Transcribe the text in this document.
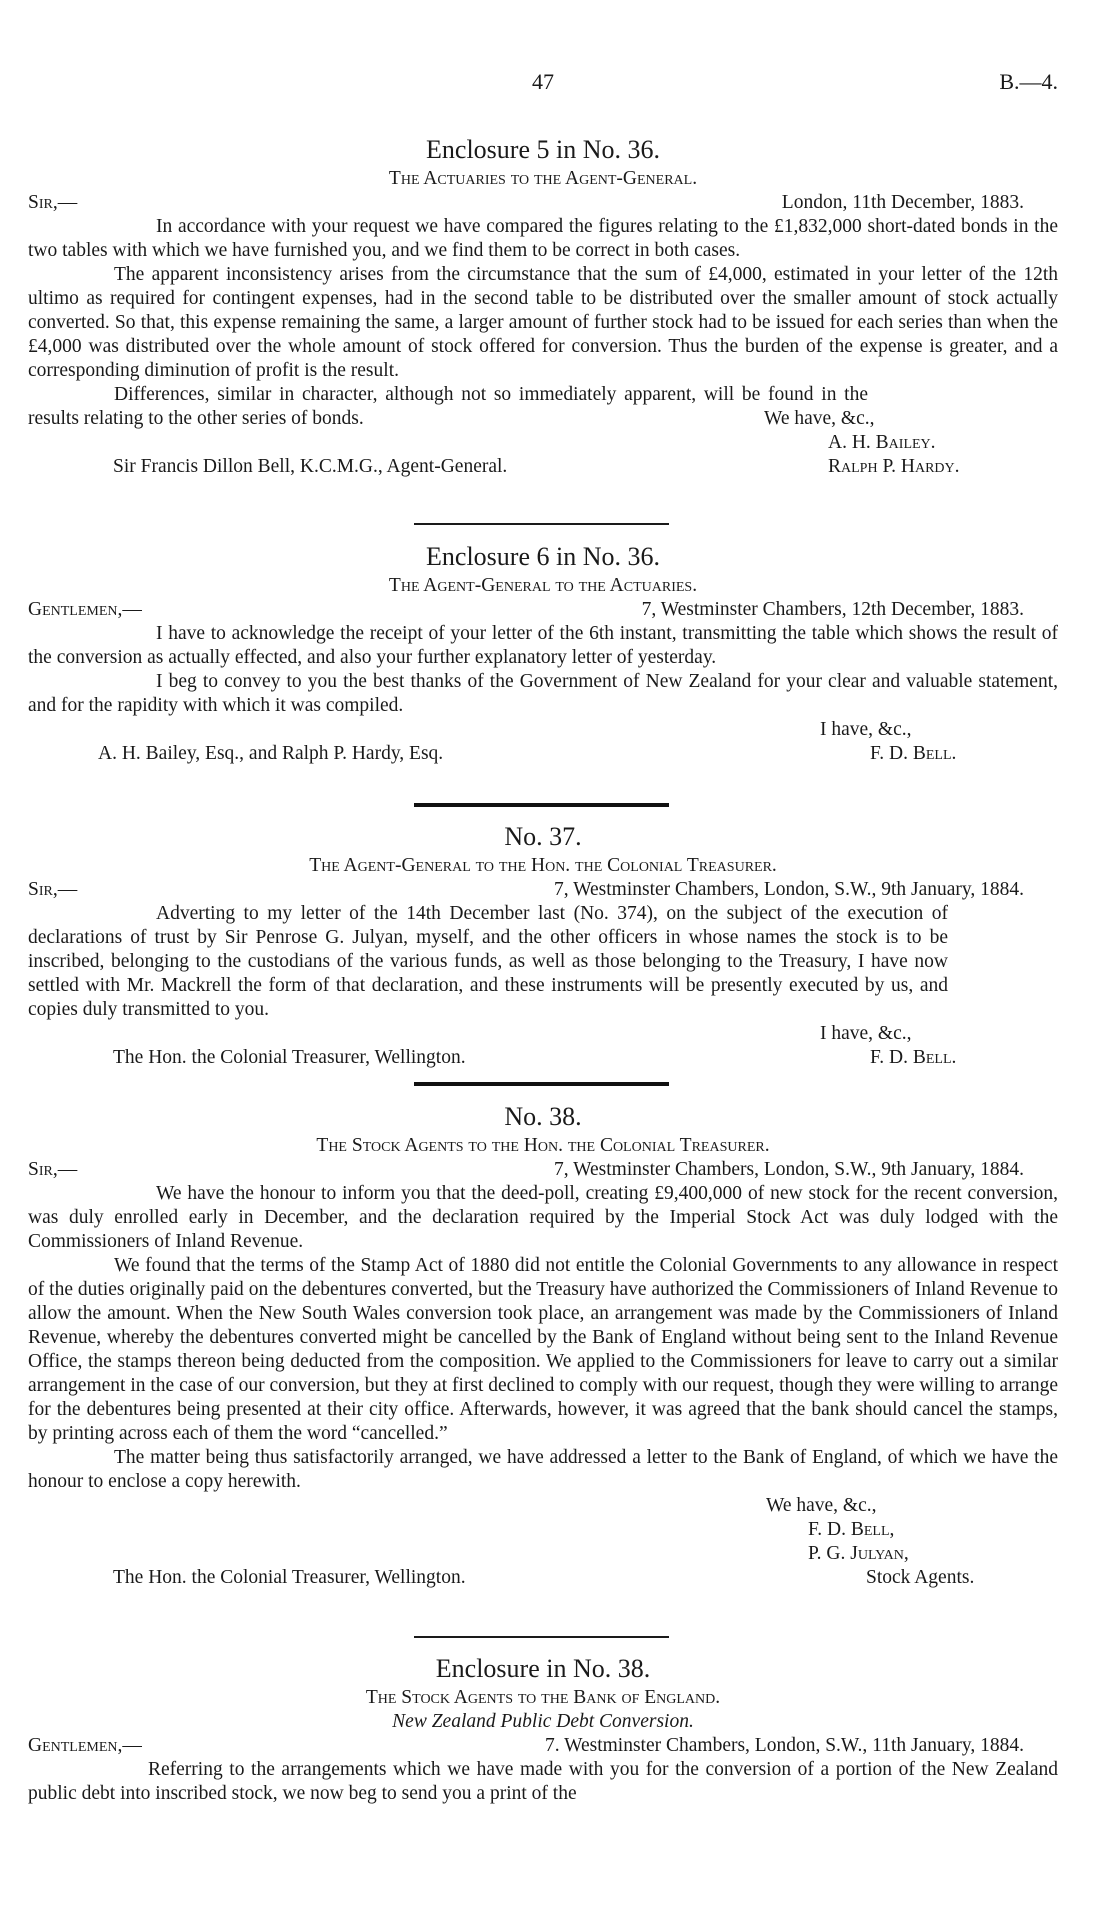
47	B.—4.
Enclosure 5 in No. 36.
The Actuaries to the Agent-General.
Sir,—	London, 11th December, 1883.

In accordance with your request we have compared the figures relating to the £1,832,000 short-dated bonds in the two tables with which we have furnished you, and we find them to be correct in both cases.

The apparent inconsistency arises from the circumstance that the sum of £4,000, estimated in your letter of the 12th ultimo as required for contingent expenses, had in the second table to be distributed over the smaller amount of stock actually converted. So that, this expense remaining the same, a larger amount of further stock had to be issued for each series than when the £4,000 was distributed over the whole amount of stock offered for conversion. Thus the burden of the expense is greater, and a corresponding diminution of profit is the result.

Differences, similar in character, although not so immediately apparent, will be found in the results relating to the other series of bonds.	We have, &c.,
A. H. Bailey.
Ralph P. Hardy.
Sir Francis Dillon Bell, K.C.M.G., Agent-General.
Enclosure 6 in No. 36.
The Agent-General to the Actuaries.
Gentlemen,—	7, Westminster Chambers, 12th December, 1883.

I have to acknowledge the receipt of your letter of the 6th instant, transmitting the table which shows the result of the conversion as actually effected, and also your further explanatory letter of yesterday.

I beg to convey to you the best thanks of the Government of New Zealand for your clear and valuable statement, and for the rapidity with which it was compiled.

I have, &c.,
A. H. Bailey, Esq., and Ralph P. Hardy, Esq.	F. D. Bell.
No. 37.
The Agent-General to the Hon. the Colonial Treasurer.
Sir,—	7, Westminster Chambers, London, S.W., 9th January, 1884.

Adverting to my letter of the 14th December last (No. 374), on the subject of the execution of declarations of trust by Sir Penrose G. Julyan, myself, and the other officers in whose names the stock is to be inscribed, belonging to the custodians of the various funds, as well as those belonging to the Treasury, I have now settled with Mr. Mackrell the form of that declaration, and these instruments will be presently executed by us, and copies duly transmitted to you.

I have, &c.,
The Hon. the Colonial Treasurer, Wellington.	F. D. Bell.
No. 38.
The Stock Agents to the Hon. the Colonial Treasurer.
Sir,—	7, Westminster Chambers, London, S.W., 9th January, 1884.

We have the honour to inform you that the deed-poll, creating £9,400,000 of new stock for the recent conversion, was duly enrolled early in December, and the declaration required by the Imperial Stock Act was duly lodged with the Commissioners of Inland Revenue.

We found that the terms of the Stamp Act of 1880 did not entitle the Colonial Governments to any allowance in respect of the duties originally paid on the debentures converted, but the Treasury have authorized the Commissioners of Inland Revenue to allow the amount. When the New South Wales conversion took place, an arrangement was made by the Commissioners of Inland Revenue, whereby the debentures converted might be cancelled by the Bank of England without being sent to the Inland Revenue Office, the stamps thereon being deducted from the composition. We applied to the Commissioners for leave to carry out a similar arrangement in the case of our conversion, but they at first declined to comply with our request, though they were willing to arrange for the debentures being presented at their city office. Afterwards, however, it was agreed that the bank should cancel the stamps, by printing across each of them the word “cancelled.”

The matter being thus satisfactorily arranged, we have addressed a letter to the Bank of England, of which we have the honour to enclose a copy herewith.

We have, &c.,
F. D. Bell,
P. G. Julyan,
The Hon. the Colonial Treasurer, Wellington.	Stock Agents.
Enclosure in No. 38.
The Stock Agents to the Bank of England.
New Zealand Public Debt Conversion.
Gentlemen,—	7. Westminster Chambers, London, S.W., 11th January, 1884.

Referring to the arrangements which we have made with you for the conversion of a portion of the New Zealand public debt into inscribed stock, we now beg to send you a print of the
